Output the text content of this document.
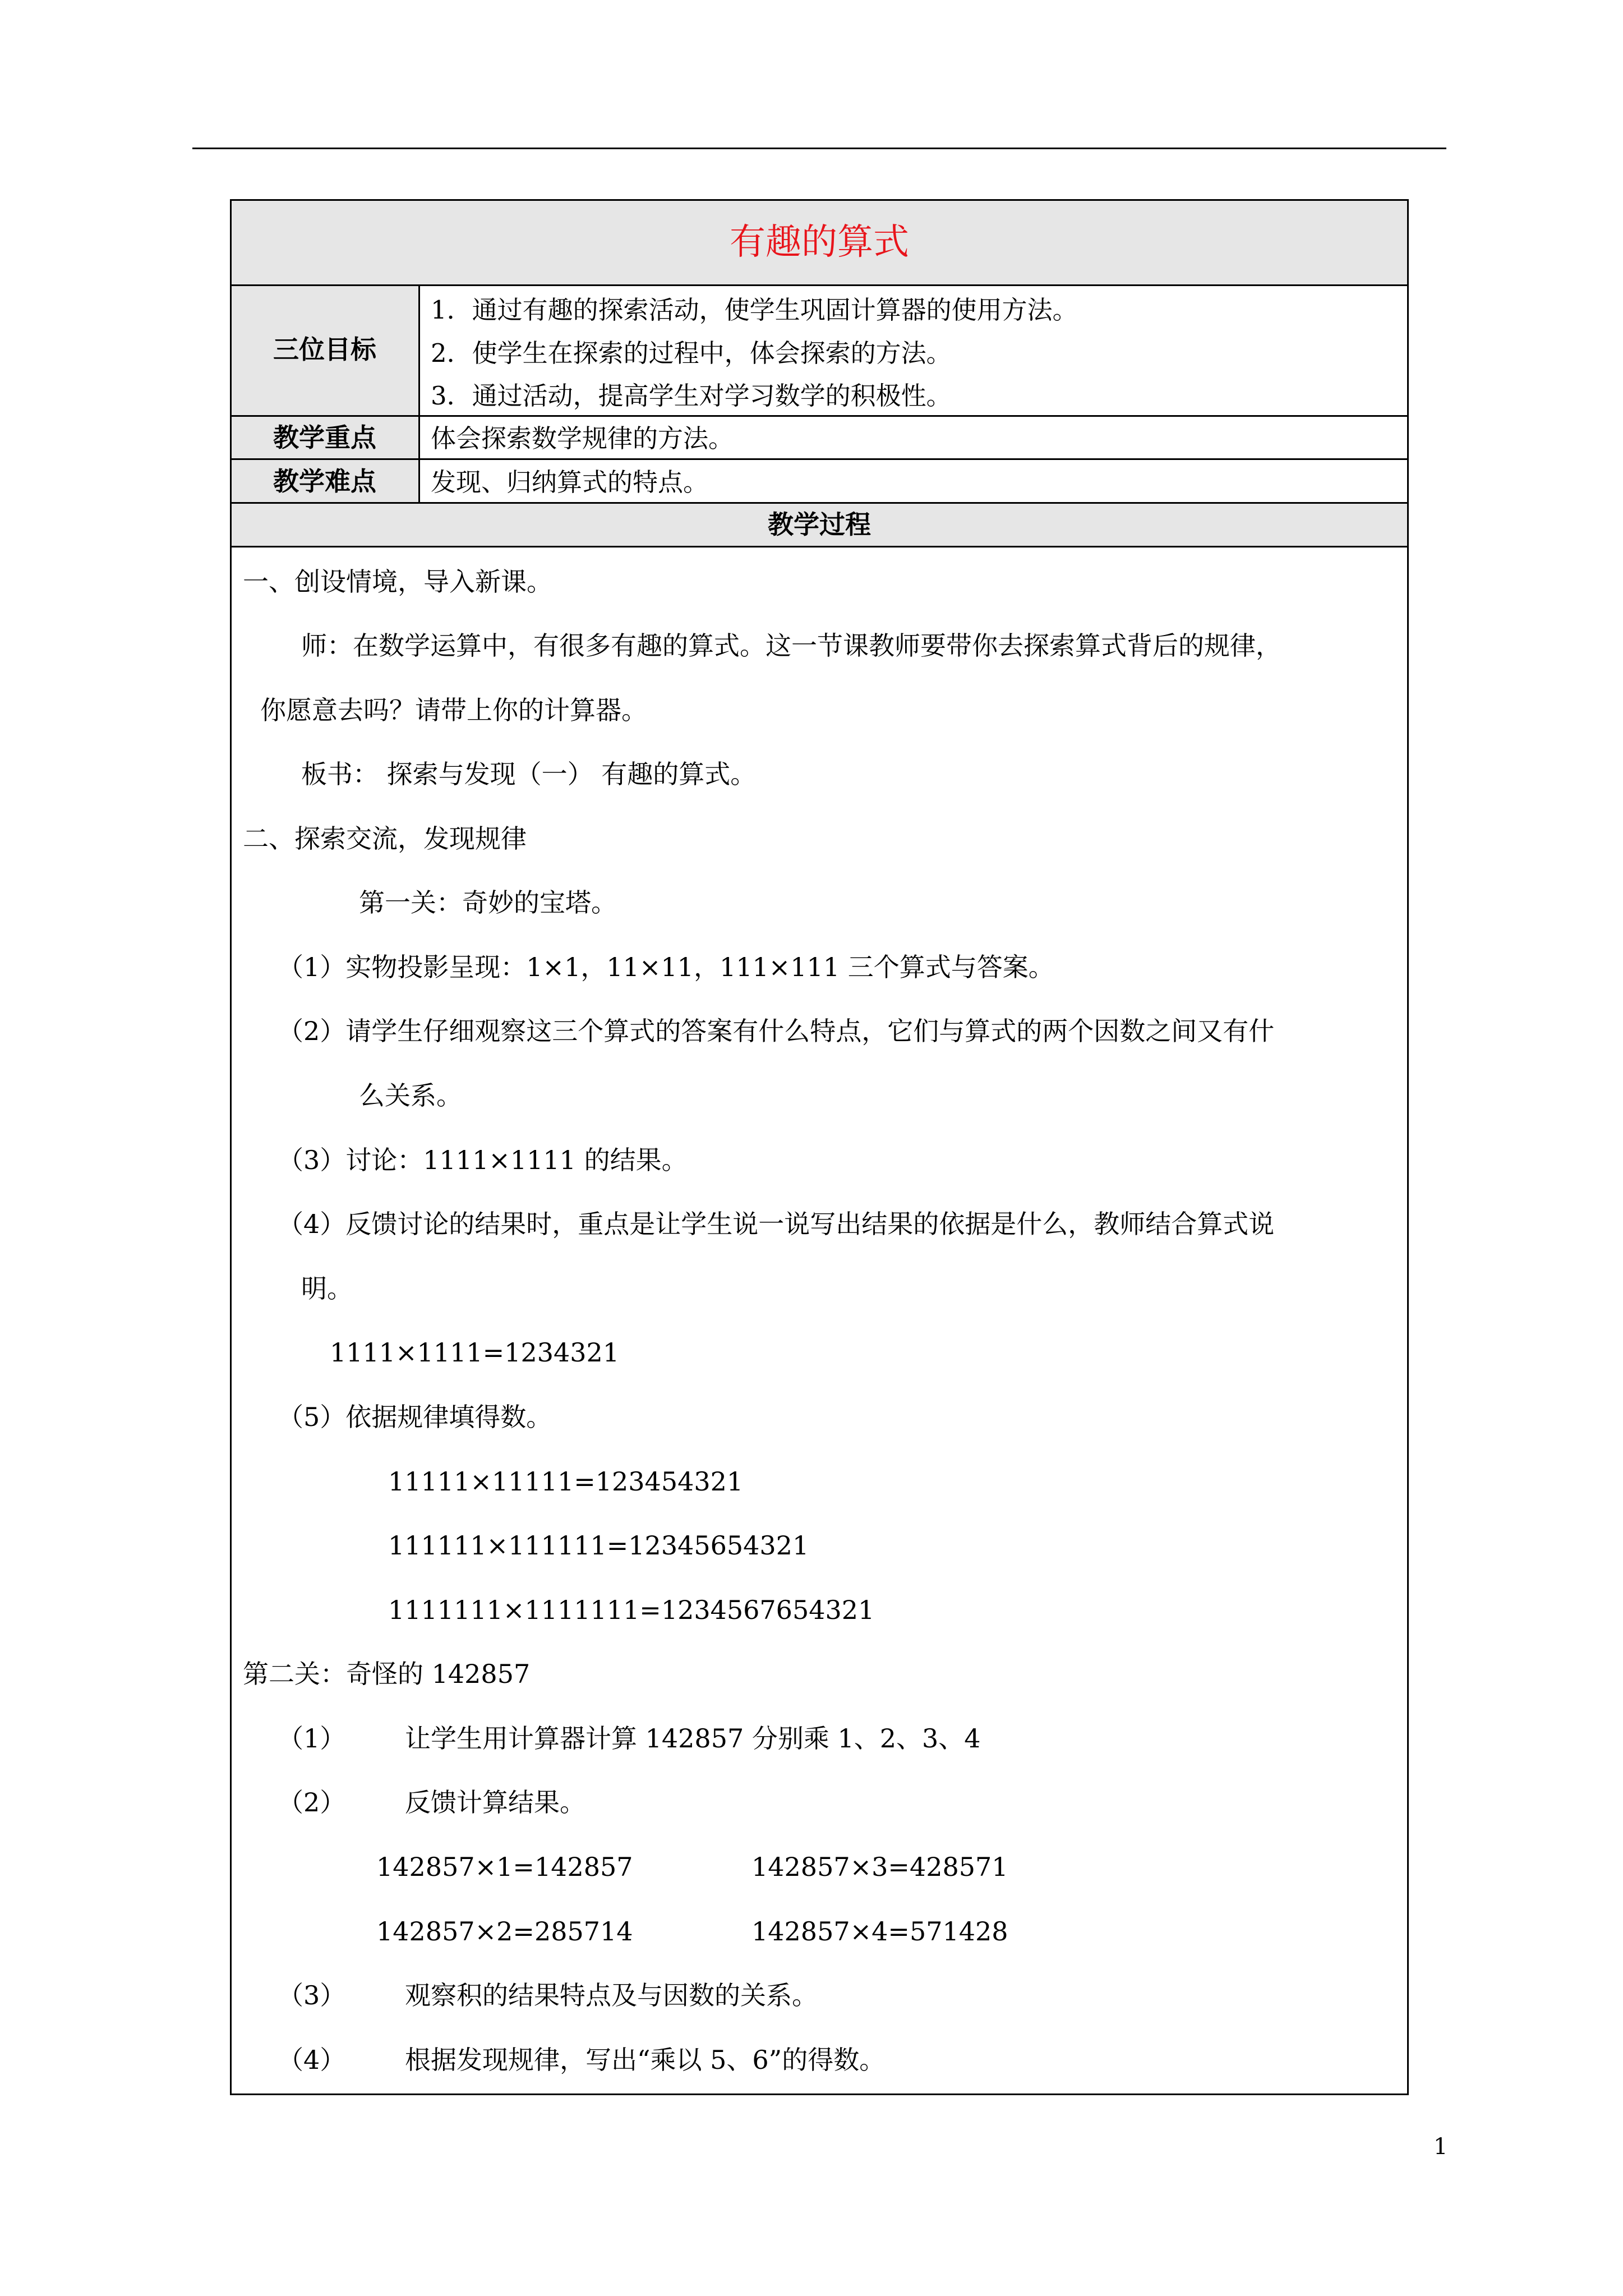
有趣的算式
三位目标
1．通过有趣的探索活动，使学生巩固计算器的使用方法。
2．使学生在探索的过程中，体会探索的方法。
3．通过活动，提高学生对学习数学的积极性。
教学重点 体会探索数学规律的方法。
教学难点 发现、归纳算式的特点。
教学过程
一、创设情境，导入新课。
师：在数学运算中，有很多有趣的算式。这一节课教师要带你去探索算式背后的规律，
你愿意去吗？请带上你的计算器。
板书： 探索与发现（一） 有趣的算式。
二、探索交流，发现规律
第一关：奇妙的宝塔。
（1）实物投影呈现：1×1，11×11，111×111 三个算式与答案。
（2）请学生仔细观察这三个算式的答案有什么特点，它们与算式的两个因数之间又有什
么关系。
（3）讨论：1111×1111 的结果。
（4）反馈讨论的结果时，重点是让学生说一说写出结果的依据是什么，教师结合算式说
明。
1111×1111=1234321
（5）依据规律填得数。
11111×11111=123454321
111111×111111=12345654321
1111111×1111111=1234567654321
第二关：奇怪的 142857
（1） 让学生用计算器计算 142857 分别乘 1、2、3、4
（2） 反馈计算结果。
142857×1=142857	142857×3=428571
142857×2=285714	142857×4=571428
（3） 观察积的结果特点及与因数的关系。
（4） 根据发现规律，写出“乘以 5、6”的得数。
1
